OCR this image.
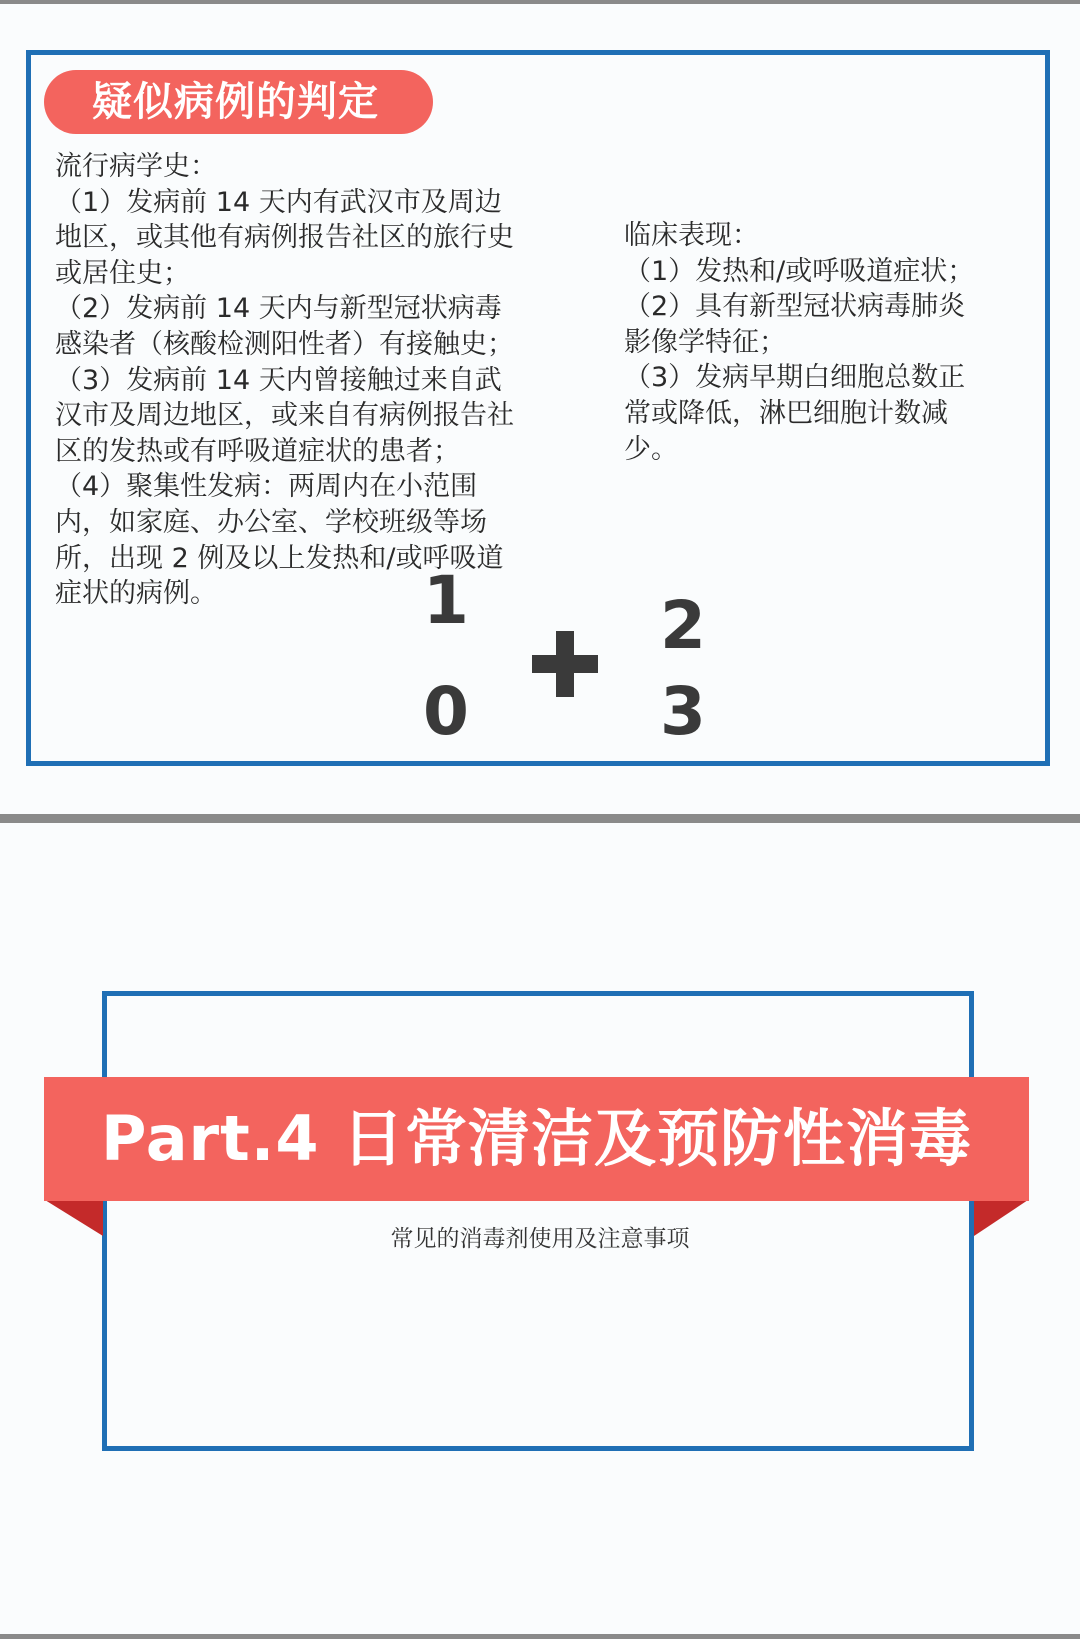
疑似病例的判定
流行病学史：
（1）发病前 14 天内有武汉市及周边
地区，或其他有病例报告社区的旅行史
或居住史；
（2）发病前 14 天内与新型冠状病毒
感染者（核酸检测阳性者）有接触史；
（3）发病前 14 天内曾接触过来自武
汉市及周边地区，或来自有病例报告社
区的发热或有呼吸道症状的患者；
（4）聚集性发病：两周内在小范围
内，如家庭、办公室、学校班级等场
所，出现 2 例及以上发热和/或呼吸道
症状的病例。
临床表现：
（1）发热和/或呼吸道症状；
（2）具有新型冠状病毒肺炎
影像学特征；
（3）发病早期白细胞总数正
常或降低，淋巴细胞计数减
少。
1
0
2
3
Part.4 日常清洁及预防性消毒
常见的消毒剂使用及注意事项
